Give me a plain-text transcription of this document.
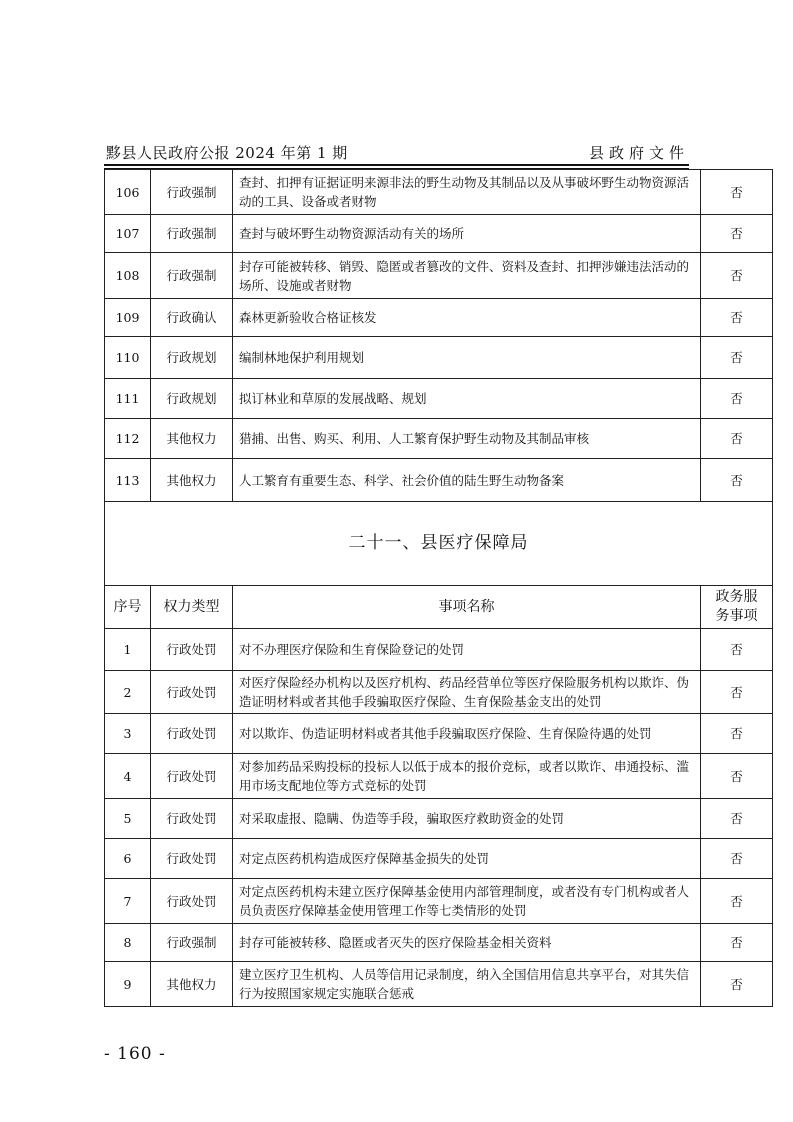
黟县人民政府公报 2024 年第 1 期	县政府文件
106	行政强制	查封、扣押有证据证明来源非法的野生动物及其制品以及从事破坏野生动物资源活动的工具、设备或者财物	否
107	行政强制	查封与破坏野生动物资源活动有关的场所	否
108	行政强制	封存可能被转移、销毁、隐匿或者篡改的文件、资料及查封、扣押涉嫌违法活动的场所、设施或者财物	否
109	行政确认	森林更新验收合格证核发	否
110	行政规划	编制林地保护利用规划	否
111	行政规划	拟订林业和草原的发展战略、规划	否
112	其他权力	猎捕、出售、购买、利用、人工繁育保护野生动物及其制品审核	否
113	其他权力	人工繁育有重要生态、科学、社会价值的陆生野生动物备案	否
二十一、县医疗保障局			
序号	权力类型	事项名称	政务服
务事项
1	行政处罚	对不办理医疗保险和生育保险登记的处罚	否
2	行政处罚	对医疗保险经办机构以及医疗机构、药品经营单位等医疗保险服务机构以欺诈、伪造证明材料或者其他手段骗取医疗保险、生育保险基金支出的处罚	否
3	行政处罚	对以欺诈、伪造证明材料或者其他手段骗取医疗保险、生育保险待遇的处罚	否
4	行政处罚	对参加药品采购投标的投标人以低于成本的报价竞标，或者以欺诈、串通投标、滥用市场支配地位等方式竞标的处罚	否
5	行政处罚	对采取虚报、隐瞒、伪造等手段，骗取医疗救助资金的处罚	否
6	行政处罚	对定点医药机构造成医疗保障基金损失的处罚	否
7	行政处罚	对定点医药机构未建立医疗保障基金使用内部管理制度，或者没有专门机构或者人员负责医疗保障基金使用管理工作等七类情形的处罚	否
8	行政强制	封存可能被转移、隐匿或者灭失的医疗保险基金相关资料	否
9	其他权力	建立医疗卫生机构、人员等信用记录制度，纳入全国信用信息共享平台，对其失信行为按照国家规定实施联合惩戒	否
- 160 -
